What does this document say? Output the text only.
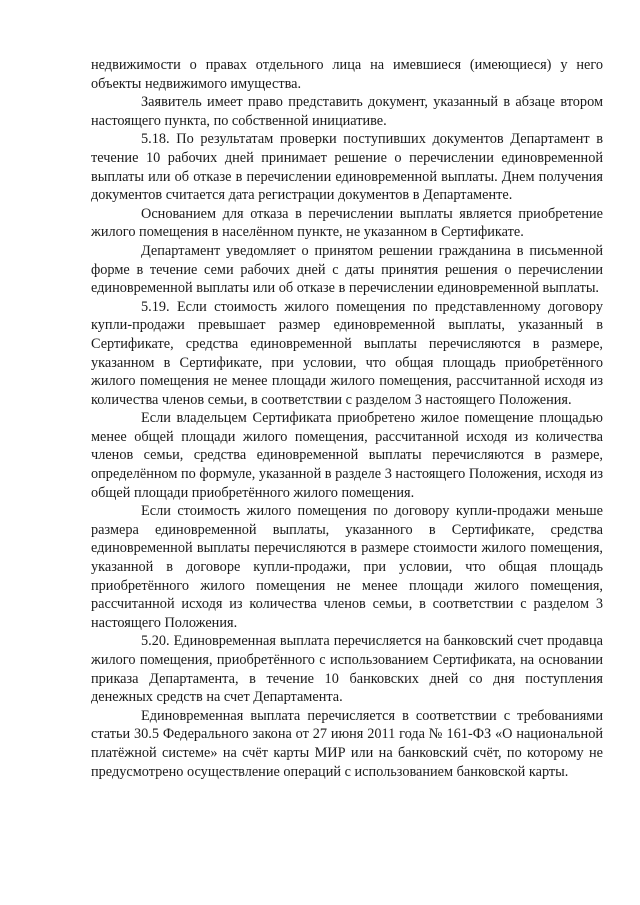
недвижимости о правах отдельного лица на имевшиеся (имеющиеся) у него объекты недвижимого имущества.

Заявитель имеет право представить документ, указанный в абзаце втором настоящего пункта, по собственной инициативе.

5.18. По результатам проверки поступивших документов Департамент в течение 10 рабочих дней принимает решение о перечислении единовременной выплаты или об отказе в перечислении единовременной выплаты. Днем получения документов считается дата регистрации документов в Департаменте.

Основанием для отказа в перечислении выплаты является приобретение жилого помещения в населённом пункте, не указанном в Сертификате.

Департамент уведомляет о принятом решении гражданина в письменной форме в течение семи рабочих дней с даты принятия решения о перечислении единовременной выплаты или об отказе в перечислении единовременной выплаты.

5.19. Если стоимость жилого помещения по представленному договору купли-продажи превышает размер единовременной выплаты, указанный в Сертификате, средства единовременной выплаты перечисляются в размере, указанном в Сертификате, при условии, что общая площадь приобретённого жилого помещения не менее площади жилого помещения, рассчитанной исходя из количества членов семьи, в соответствии с разделом 3 настоящего Положения.

Если владельцем Сертификата приобретено жилое помещение площадью менее общей площади жилого помещения, рассчитанной исходя из количества членов семьи, средства единовременной выплаты перечисляются в размере, определённом по формуле, указанной в разделе 3 настоящего Положения, исходя из общей площади приобретённого жилого помещения.

Если стоимость жилого помещения по договору купли-продажи меньше размера единовременной выплаты, указанного в Сертификате, средства единовременной выплаты перечисляются в размере стоимости жилого помещения, указанной в договоре купли-продажи, при условии, что общая площадь приобретённого жилого помещения не менее площади жилого помещения, рассчитанной исходя из количества членов семьи, в соответствии с разделом 3 настоящего Положения.

5.20. Единовременная выплата перечисляется на банковский счет продавца жилого помещения, приобретённого с использованием Сертификата, на основании приказа Департамента, в течение 10 банковских дней со дня поступления денежных средств на счет Департамента.

Единовременная выплата перечисляется в соответствии с требованиями статьи 30.5 Федерального закона от 27 июня 2011 года № 161-ФЗ «О национальной платёжной системе» на счёт карты МИР или на банковский счёт, по которому не предусмотрено осуществление операций с использованием банковской карты.
